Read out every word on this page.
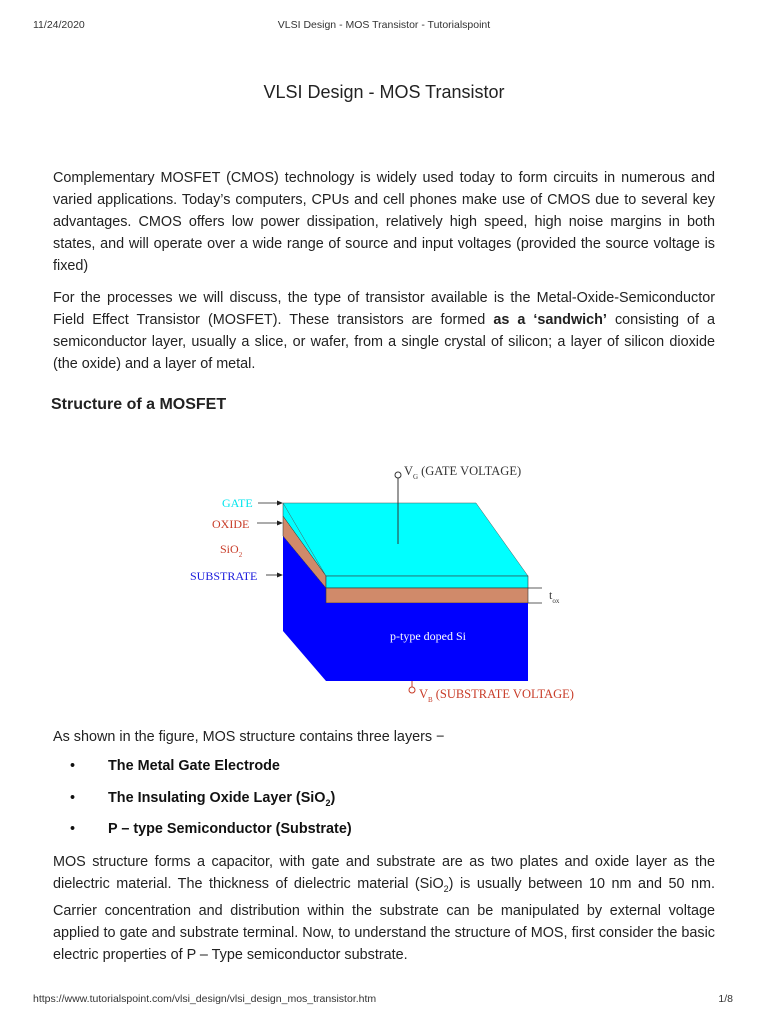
11/24/2020	VLSI Design - MOS Transistor - Tutorialspoint
VLSI Design - MOS Transistor

Complementary MOSFET (CMOS) technology is widely used today to form circuits in numerous and varied applications. Today’s computers, CPUs and cell phones make use of CMOS due to several key advantages. CMOS offers low power dissipation, relatively high speed, high noise margins in both states, and will operate over a wide range of source and input voltages (provided the source voltage is fixed)

For the processes we will discuss, the type of transistor available is the Metal-Oxide-Semiconductor Field Effect Transistor (MOSFET). These transistors are formed as a ‘sandwich’ consisting of a semiconductor layer, usually a slice, or wafer, from a single crystal of silicon; a layer of silicon dioxide (the oxide) and a layer of metal.

Structure of a MOSFET
p-type doped Si
$V_G$ (GATE VOLTAGE)
$t_{ox}$
$V_B$ (SUBSTRATE VOLTAGE)
GATE
OXIDE
SiO$_2$
SUBSTRATE

As shown in the figure, MOS structure contains three layers −

• The Metal Gate Electrode
• The Insulating Oxide Layer (SiO$_2$)
• P – type Semiconductor (Substrate)

MOS structure forms a capacitor, with gate and substrate are as two plates and oxide layer as the dielectric material. The thickness of dielectric material (SiO$_2$) is usually between 10 nm and 50 nm. Carrier concentration and distribution within the substrate can be manipulated by external voltage applied to gate and substrate terminal. Now, to understand the structure of MOS, first consider the basic electric properties of P – Type semiconductor substrate.

https://www.tutorialspoint.com/vlsi_design/vlsi_design_mos_transistor.htm	1/8
